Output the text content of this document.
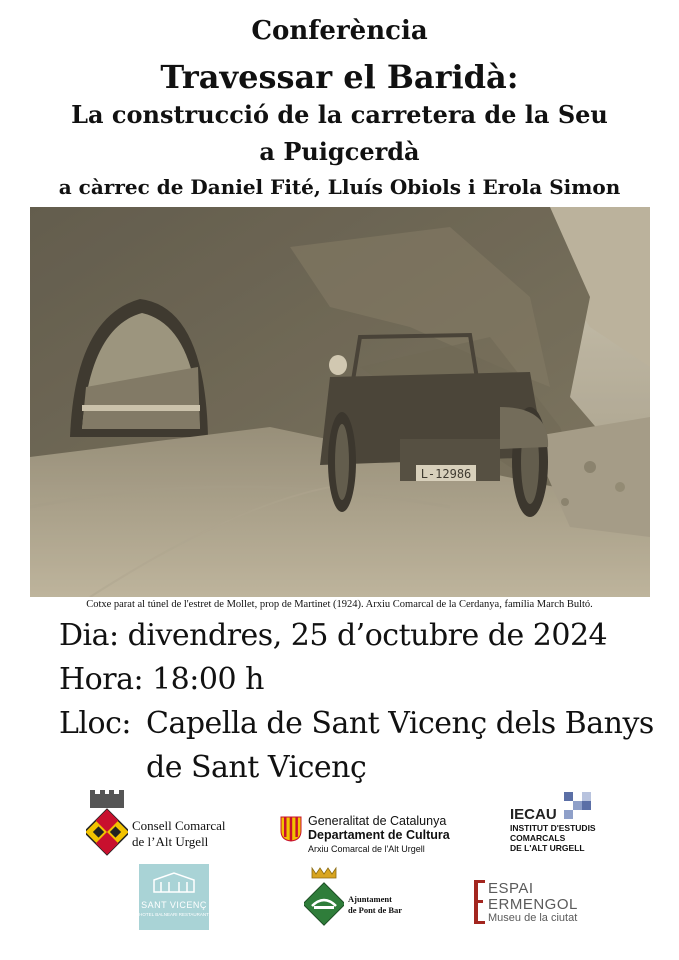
Conferència
Travessar el Baridà:
La construcció de la carretera de la Seu
a Puigcerdà
a càrrec de Daniel Fité, Lluís Obiols i Erola Simon
L-12986
Cotxe parat al túnel de l'estret de Mollet, prop de Martinet (1924). Arxiu Comarcal de la Cerdanya, família March Bultó.
Dia: divendres, 25 d’octubre de 2024
Hora: 18:00 h
Lloc: Capella de Sant Vicenç dels Banys
de Sant Vicenç
Consell Comarcal
de l’Alt Urgell
Generalitat de Catalunya
Departament de Cultura
Arxiu Comarcal de l'Alt Urgell
IECAU
INSTITUT D'ESTUDIS
COMARCALS
DE L'ALT URGELL
SANT VICENÇ
HOTEL BALNEARI RESTAURANT
Ajuntament
de Pont de Bar
ESPAI
ERMENGOL
Museu de la ciutat
